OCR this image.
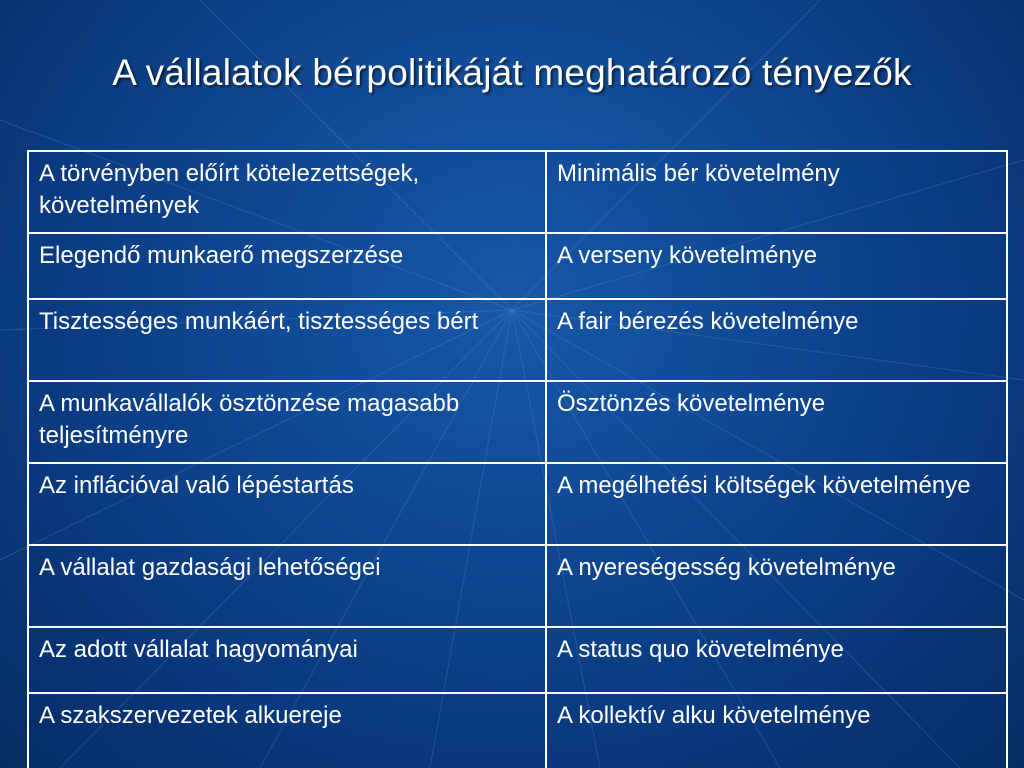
A vállalatok bérpolitikáját meghatározó tényezők
A törvényben előírt kötelezettségek, követelmények	Minimális bér követelmény
Elegendő munkaerő megszerzése	A verseny követelménye
Tisztességes munkáért, tisztességes bért	A fair bérezés követelménye
A munkavállalók ösztönzése magasabb teljesítményre	Ösztönzés követelménye
Az inflációval való lépéstartás	A megélhetési költségek követelménye
A vállalat gazdasági lehetőségei	A nyereségesség követelménye
Az adott vállalat hagyományai	A status quo követelménye
A szakszervezetek alkuereje	A kollektív alku követelménye
